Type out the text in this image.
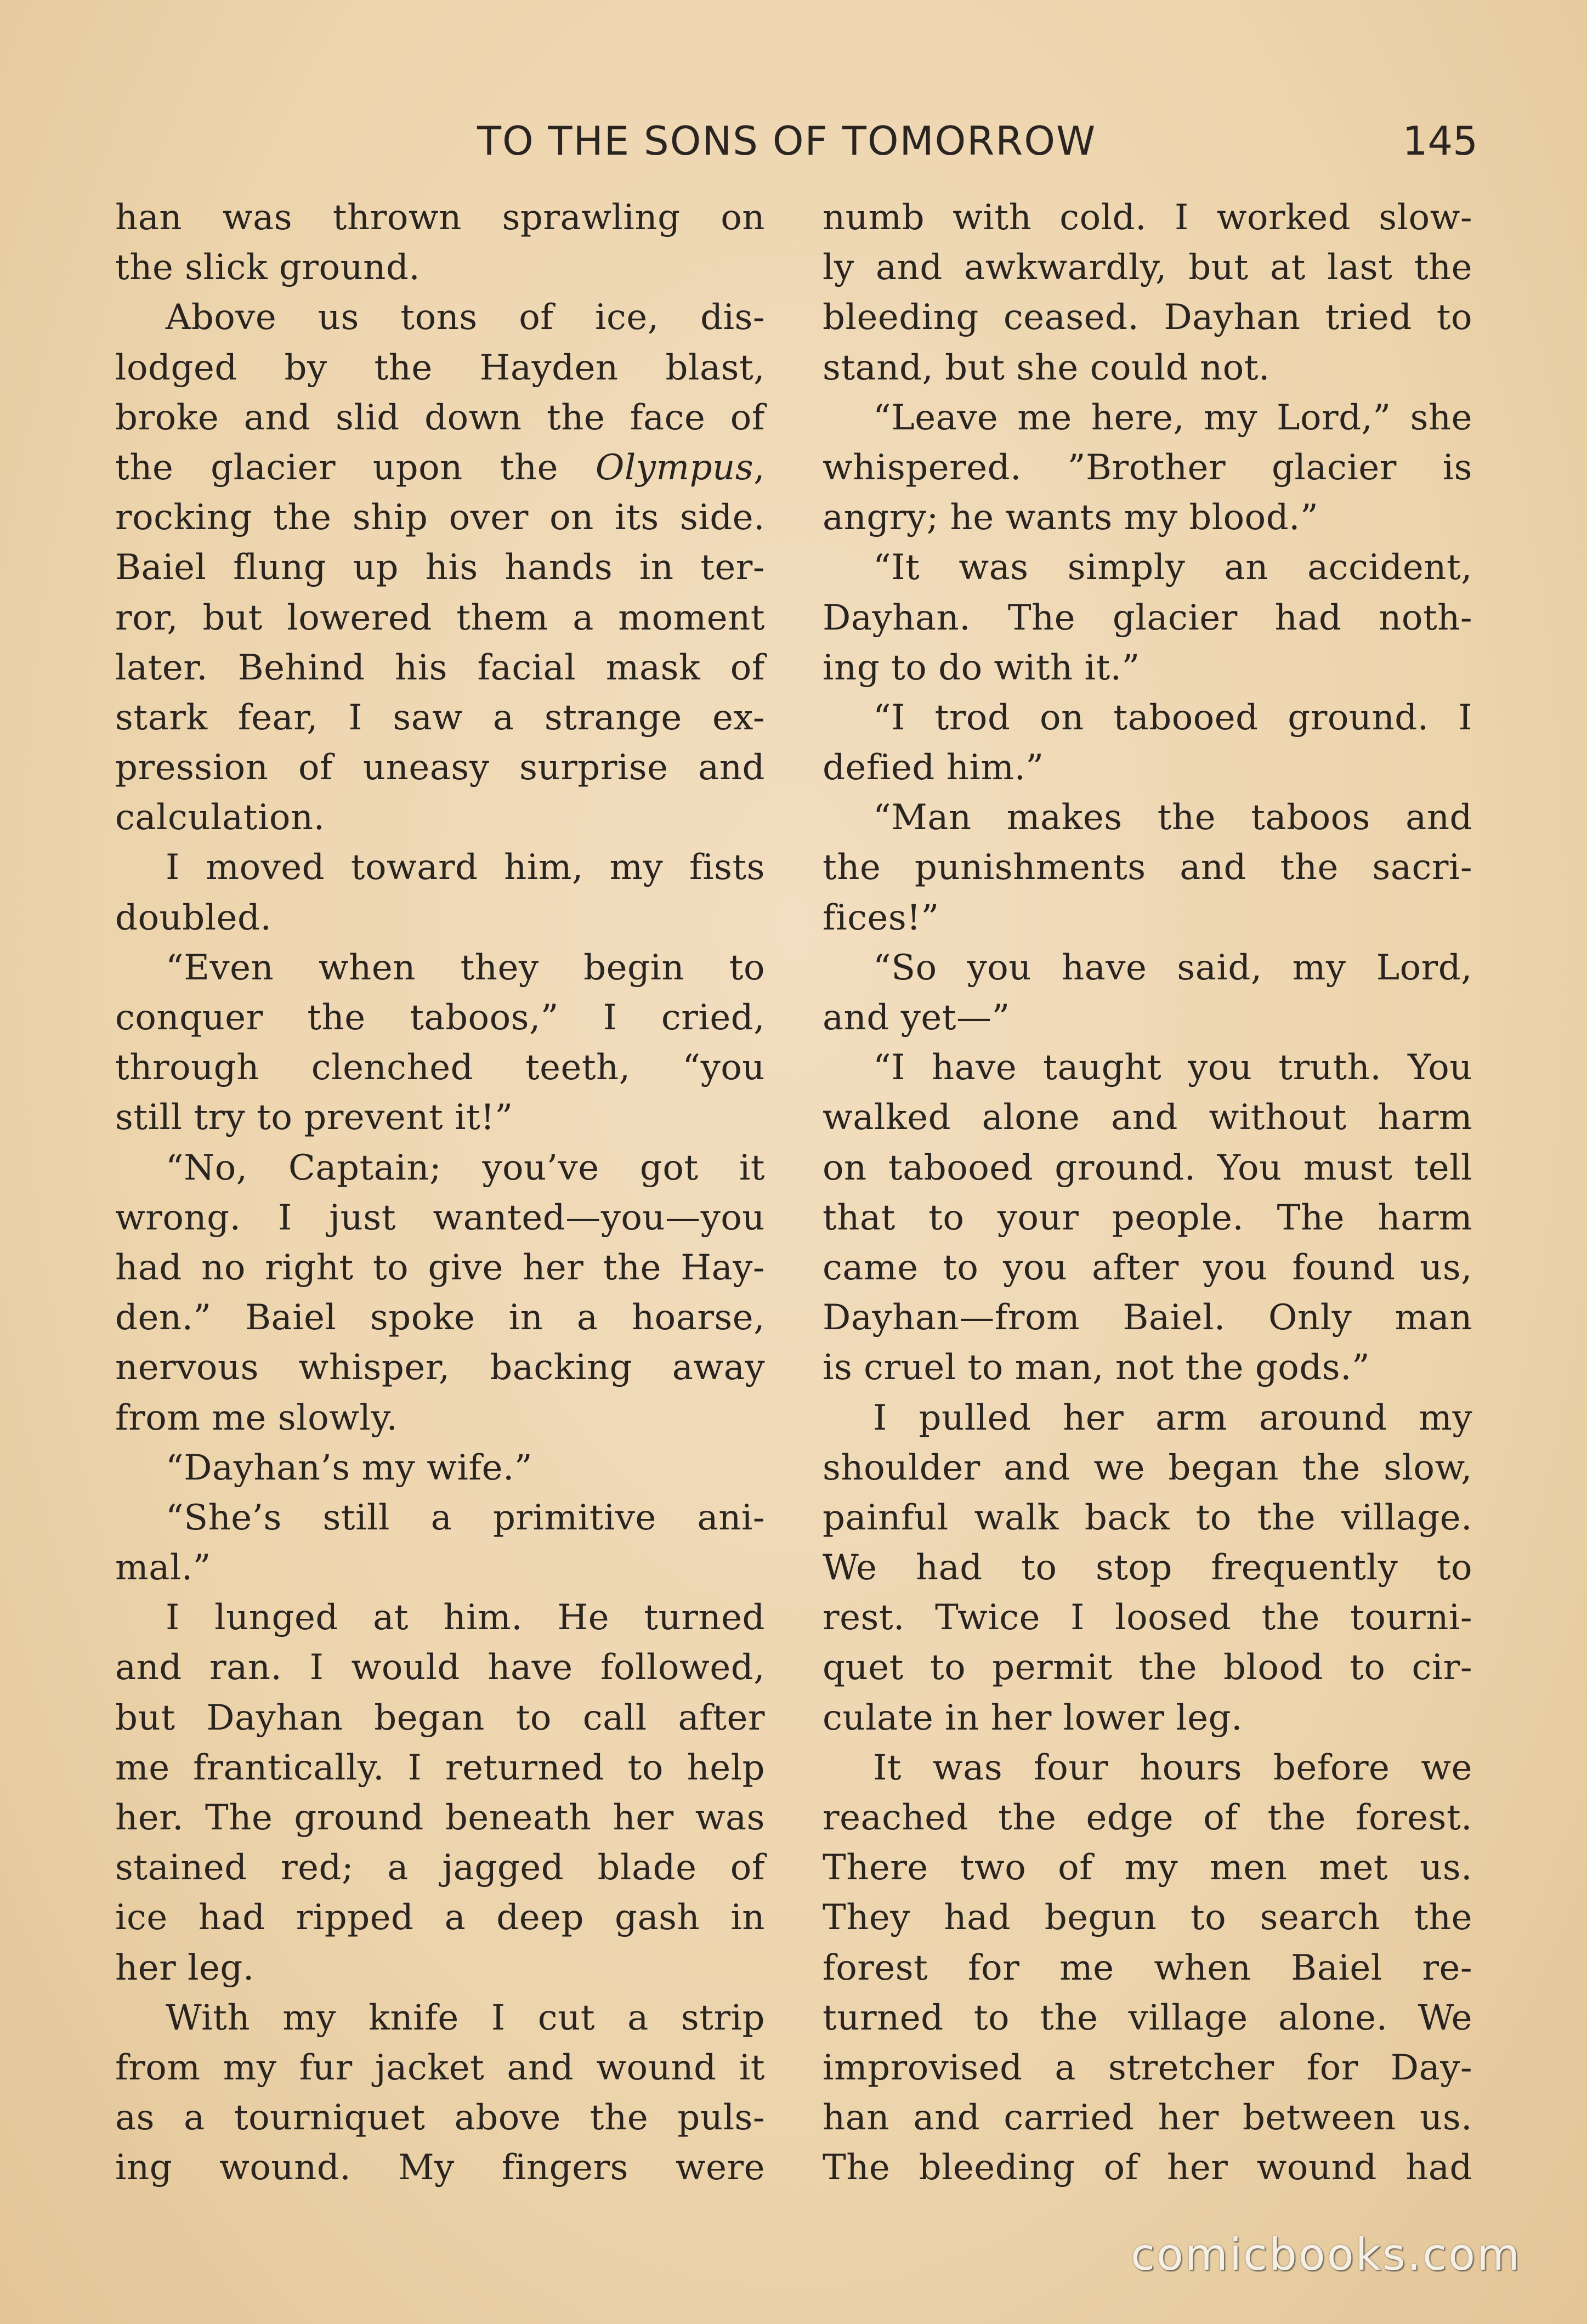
TO THE SONS OF TOMORROW	145
han was thrown sprawling on
the slick ground.
Above us tons of ice, dis-
lodged by the Hayden blast,
broke and slid down the face of
the glacier upon the Olympus,
rocking the ship over on its side.
Baiel flung up his hands in ter-
ror, but lowered them a moment
later. Behind his facial mask of
stark fear, I saw a strange ex-
pression of uneasy surprise and
calculation.
I moved toward him, my fists
doubled.
“Even when they begin to
conquer the taboos,” I cried,
through clenched teeth, “you
still try to prevent it!”
“No, Captain; you’ve got it
wrong. I just wanted—you—you
had no right to give her the Hay-
den.” Baiel spoke in a hoarse,
nervous whisper, backing away
from me slowly.
“Dayhan’s my wife.”
“She’s still a primitive ani-
mal.”
I lunged at him. He turned
and ran. I would have followed,
but Dayhan began to call after
me frantically. I returned to help
her. The ground beneath her was
stained red; a jagged blade of
ice had ripped a deep gash in
her leg.
With my knife I cut a strip
from my fur jacket and wound it
as a tourniquet above the puls-
ing wound. My fingers were
numb with cold. I worked slow-
ly and awkwardly, but at last the
bleeding ceased. Dayhan tried to
stand, but she could not.
“Leave me here, my Lord,” she
whispered. ”Brother glacier is
angry; he wants my blood.”
“It was simply an accident,
Dayhan. The glacier had noth-
ing to do with it.”
“I trod on tabooed ground. I
defied him.”
“Man makes the taboos and
the punishments and the sacri-
fices!”
“So you have said, my Lord,
and yet—”
“I have taught you truth. You
walked alone and without harm
on tabooed ground. You must tell
that to your people. The harm
came to you after you found us,
Dayhan—from Baiel. Only man
is cruel to man, not the gods.”
I pulled her arm around my
shoulder and we began the slow,
painful walk back to the village.
We had to stop frequently to
rest. Twice I loosed the tourni-
quet to permit the blood to cir-
culate in her lower leg.
It was four hours before we
reached the edge of the forest.
There two of my men met us.
They had begun to search the
forest for me when Baiel re-
turned to the village alone. We
improvised a stretcher for Day-
han and carried her between us.
The bleeding of her wound had
comicbooks.com
